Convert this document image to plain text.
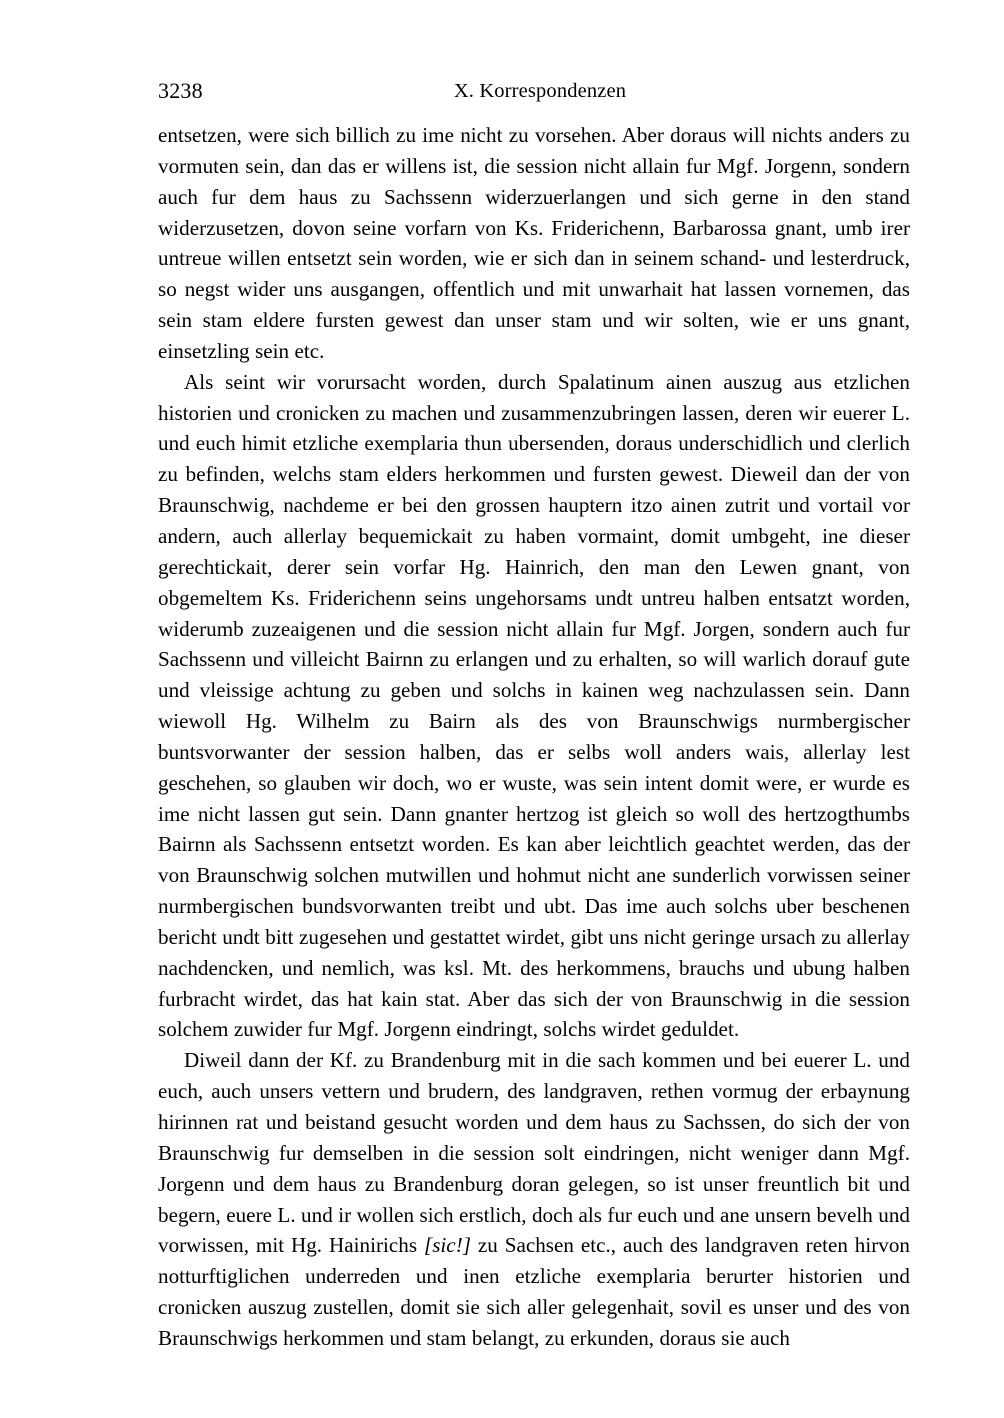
3238	X. Korrespondenzen

entsetzen, were sich billich zu ime nicht zu vorsehen. Aber doraus will nichts anders zu vormuten sein, dan das er willens ist, die session nicht allain fur Mgf. Jorgenn, sondern auch fur dem haus zu Sachssenn widerzuerlangen und sich gerne in den stand widerzusetzen, dovon seine vorfarn von Ks. Friderichenn, Barbarossa gnant, umb irer untreue willen entsetzt sein worden, wie er sich dan in seinem schand- und lesterdruck, so negst wider uns ausgangen, offentlich und mit unwarhait hat lassen vornemen, das sein stam eldere fursten gewest dan unser stam und wir solten, wie er uns gnant, einsetzling sein etc.

Als seint wir vorursacht worden, durch Spalatinum ainen auszug aus etzlichen historien und cronicken zu machen und zusammenzubringen lassen, deren wir euerer L. und euch himit etzliche exemplaria thun ubersenden, doraus underschidlich und clerlich zu befinden, welchs stam elders herkommen und fursten gewest. Dieweil dan der von Braunschwig, nachdeme er bei den grossen hauptern itzo ainen zutrit und vortail vor andern, auch allerlay bequemickait zu haben vormaint, domit umbgeht, ine dieser gerechtickait, derer sein vorfar Hg. Hainrich, den man den Lewen gnant, von obgemeltem Ks. Friderichenn seins ungehorsams undt untreu halben entsatzt worden, widerumb zuzeaigenen und die session nicht allain fur Mgf. Jorgen, sondern auch fur Sachssenn und villeicht Bairnn zu erlangen und zu erhalten, so will warlich dorauf gute und vleissige achtung zu geben und solchs in kainen weg nachzulassen sein. Dann wiewoll Hg. Wilhelm zu Bairn als des von Braunschwigs nurmbergischer buntsvorwanter der session halben, das er selbs woll anders wais, allerlay lest geschehen, so glauben wir doch, wo er wuste, was sein intent domit were, er wurde es ime nicht lassen gut sein. Dann gnanter hertzog ist gleich so woll des hertzogthumbs Bairnn als Sachssenn entsetzt worden. Es kan aber leichtlich geachtet werden, das der von Braunschwig solchen mutwillen und hohmut nicht ane sunderlich vorwissen seiner nurmbergischen bundsvorwanten treibt und ubt. Das ime auch solchs uber beschenen bericht undt bitt zugesehen und gestattet wirdet, gibt uns nicht geringe ursach zu allerlay nachdencken, und nemlich, was ksl. Mt. des herkommens, brauchs und ubung halben furbracht wirdet, das hat kain stat. Aber das sich der von Braunschwig in die session solchem zuwider fur Mgf. Jorgenn eindringt, solchs wirdet geduldet.

Diweil dann der Kf. zu Brandenburg mit in die sach kommen und bei euerer L. und euch, auch unsers vettern und brudern, des landgraven, rethen vormug der erbaynung hirinnen rat und beistand gesucht worden und dem haus zu Sachssen, do sich der von Braunschwig fur demselben in die session solt eindringen, nicht weniger dann Mgf. Jorgenn und dem haus zu Brandenburg doran gelegen, so ist unser freuntlich bit und begern, euere L. und ir wollen sich erstlich, doch als fur euch und ane unsern bevelh und vorwissen, mit Hg. Hainirichs [sic!] zu Sachsen etc., auch des landgraven reten hirvon notturftiglichen underreden und inen etzliche exemplaria berurter historien und cronicken auszug zustellen, domit sie sich aller gelegenhait, sovil es unser und des von Braunschwigs herkommen und stam belangt, zu erkunden, doraus sie auch
